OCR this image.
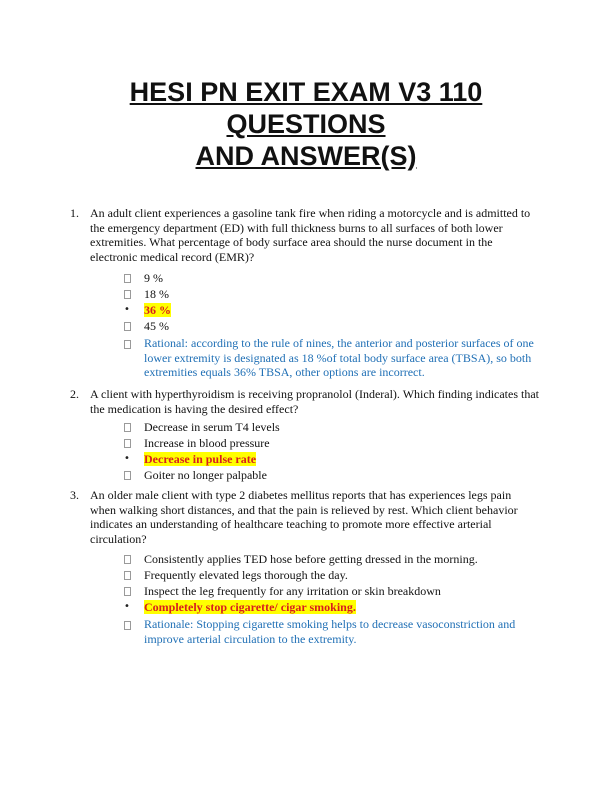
HESI PN EXIT EXAM V3 110
QUESTIONS
AND ANSWER(S)
1. An adult client experiences a gasoline tank fire when riding a motorcycle and is admitted to the emergency department (ED) with full thickness burns to all surfaces of both lower extremities. What percentage of body surface area should the nurse document in the electronic medical record (EMR)?
9 %
18 %
•	36 %
45 %
Rational: according to the rule of nines, the anterior and posterior surfaces of one lower extremity is designated as 18 %of total body surface area (TBSA), so both extremities equals 36% TBSA, other options are incorrect.
2. A client with hyperthyroidism is receiving propranolol (Inderal). Which finding indicates that the medication is having the desired effect?
Decrease in serum T4 levels
Increase in blood pressure
•	Decrease in pulse rate
Goiter no longer palpable
3. An older male client with type 2 diabetes mellitus reports that has experiences legs pain when walking short distances, and that the pain is relieved by rest. Which client behavior indicates an understanding of healthcare teaching to promote more effective arterial circulation?
Consistently applies TED hose before getting dressed in the morning.
Frequently elevated legs thorough the day.
Inspect the leg frequently for any irritation or skin breakdown
•	Completely stop cigarette/ cigar smoking.
Rationale: Stopping cigarette smoking helps to decrease vasoconstriction and improve arterial circulation to the extremity.
